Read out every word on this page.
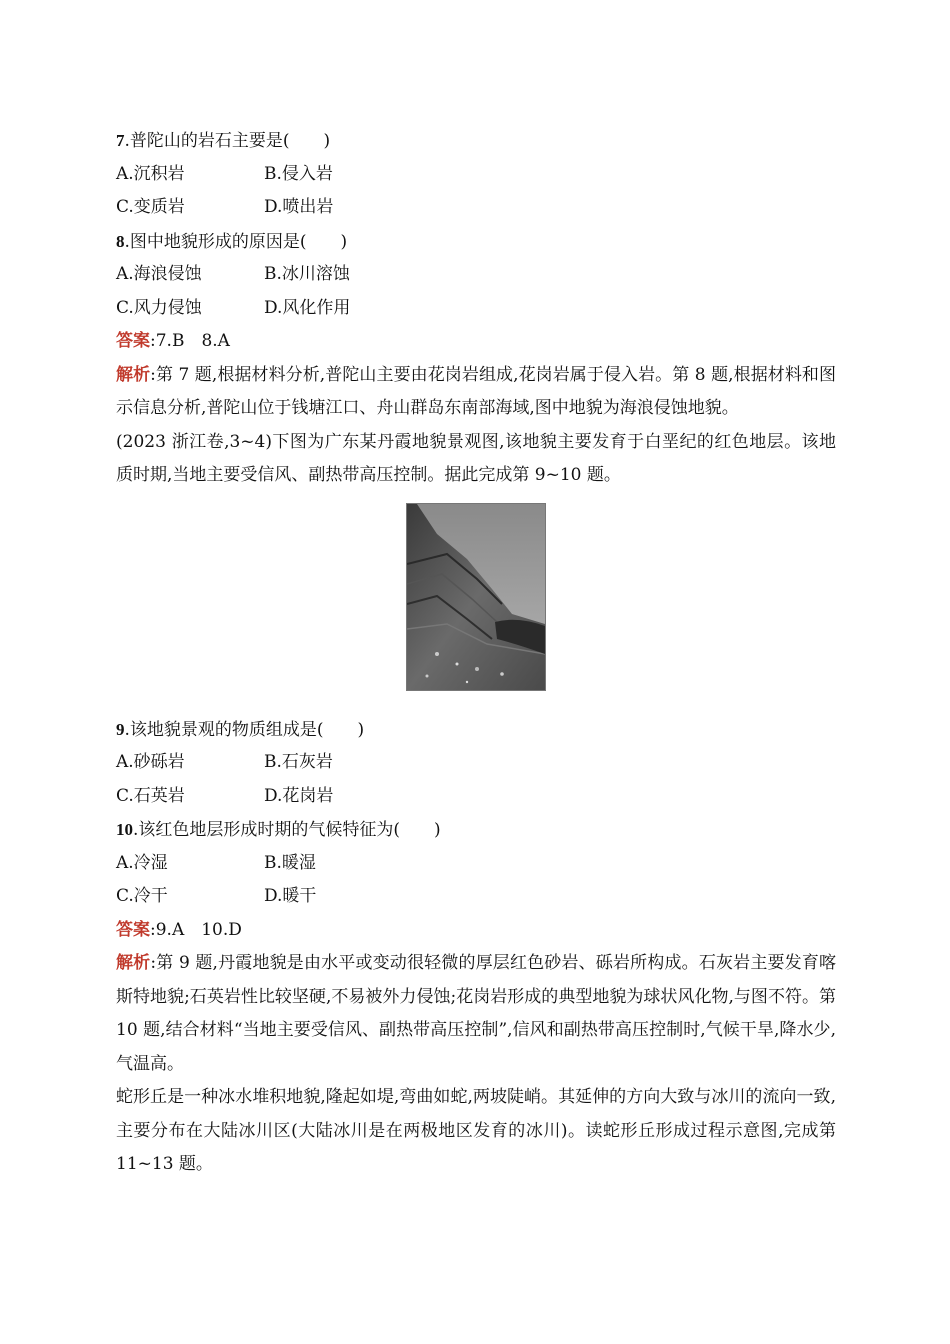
7.普陀山的岩石主要是(　　)
A.沉积岩	B.侵入岩
C.变质岩	D.喷出岩
8.图中地貌形成的原因是(　　)
A.海浪侵蚀	B.冰川溶蚀
C.风力侵蚀	D.风化作用
答案:7.B　8.A

解析:第 7 题,根据材料分析,普陀山主要由花岗岩组成,花岗岩属于侵入岩。第 8 题,根据材料和图示信息分析,普陀山位于钱塘江口、舟山群岛东南部海域,图中地貌为海浪侵蚀地貌。

(2023 浙江卷,3~4)下图为广东某丹霞地貌景观图,该地貌主要发育于白垩纪的红色地层。该地质时期,当地主要受信风、副热带高压控制。据此完成第 9~10 题。

9.该地貌景观的物质组成是(　　)
A.砂砾岩	B.石灰岩
C.石英岩	D.花岗岩
10.该红色地层形成时期的气候特征为(　　)
A.冷湿	B.暖湿
C.冷干	D.暖干
答案:9.A　10.D

解析:第 9 题,丹霞地貌是由水平或变动很轻微的厚层红色砂岩、砾岩所构成。石灰岩主要发育喀斯特地貌;石英岩性比较坚硬,不易被外力侵蚀;花岗岩形成的典型地貌为球状风化物,与图不符。第 10 题,结合材料“当地主要受信风、副热带高压控制”,信风和副热带高压控制时,气候干旱,降水少,气温高。

蛇形丘是一种冰水堆积地貌,隆起如堤,弯曲如蛇,两坡陡峭。其延伸的方向大致与冰川的流向一致,主要分布在大陆冰川区(大陆冰川是在两极地区发育的冰川)。读蛇形丘形成过程示意图,完成第 11~13 题。
